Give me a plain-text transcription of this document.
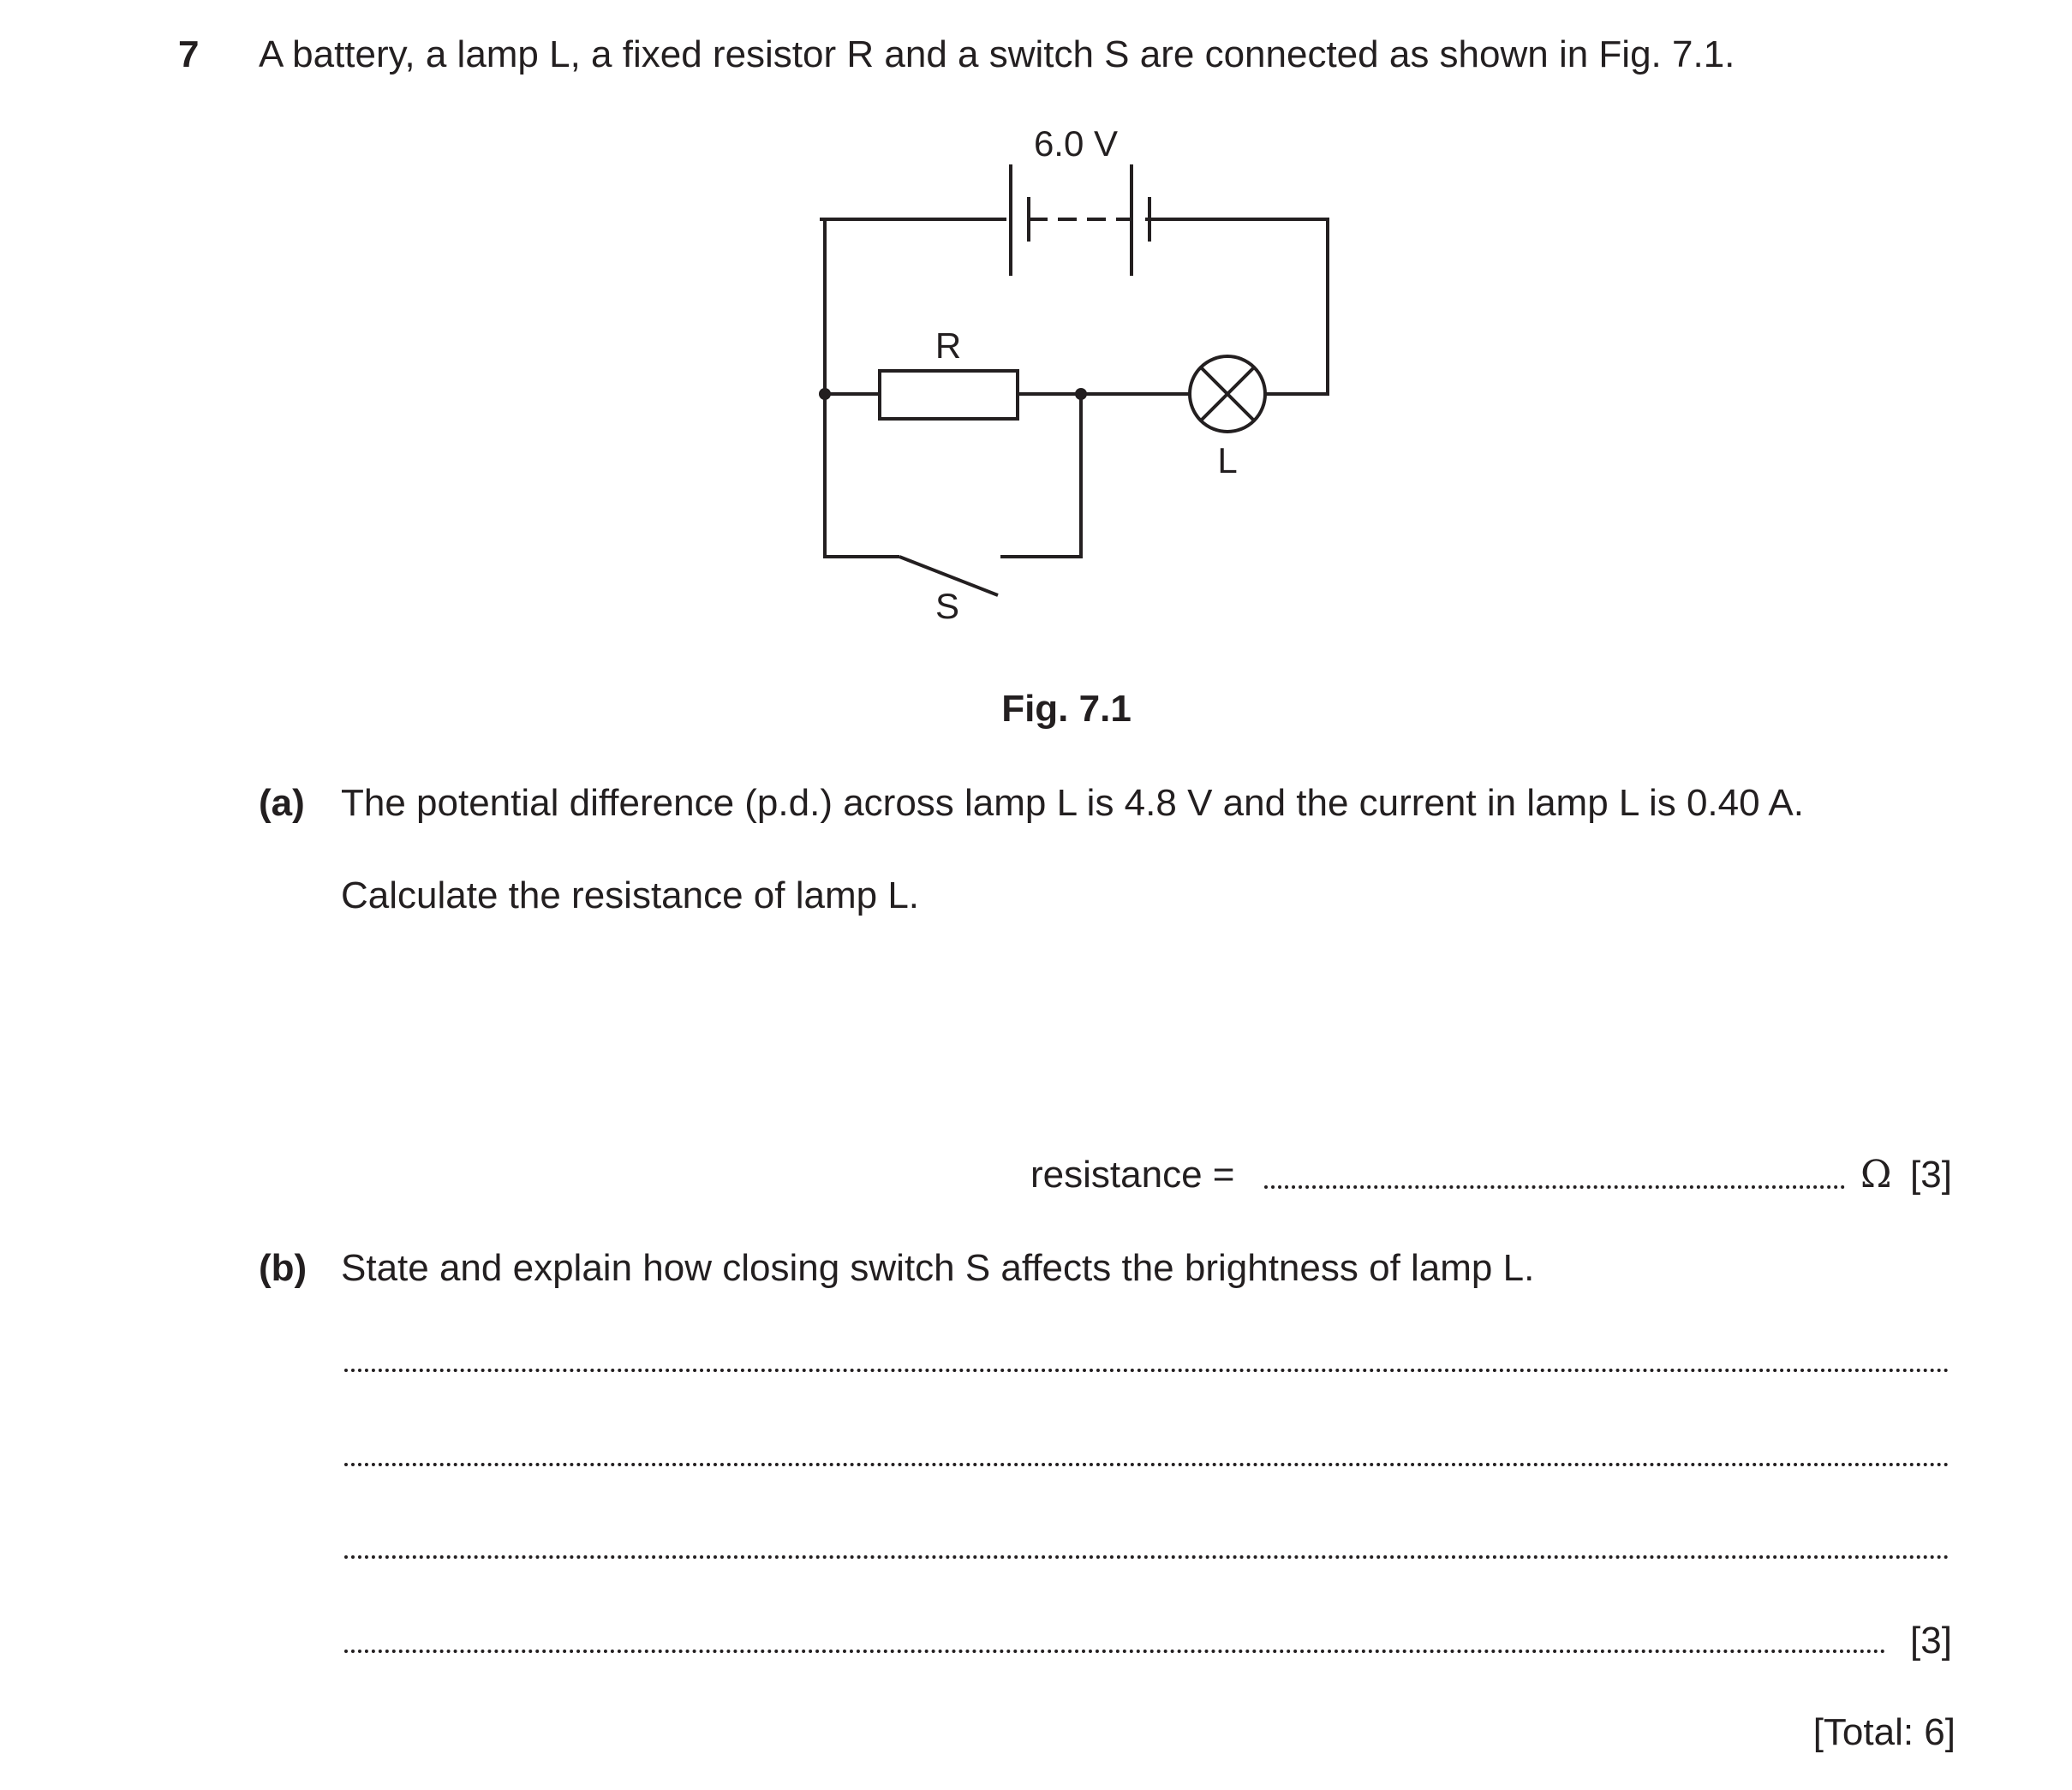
7 A battery, a lamp L, a fixed resistor R and a switch S are connected as shown in Fig. 7.1.
6.0 V
R
L
S
Fig. 7.1
(a) The potential difference (p.d.) across lamp L is 4.8 V and the current in lamp L is 0.40 A.
Calculate the resistance of lamp L.
resistance =	Ω [3]
(b) State and explain how closing switch S affects the brightness of lamp L.
[3]
[Total: 6]
